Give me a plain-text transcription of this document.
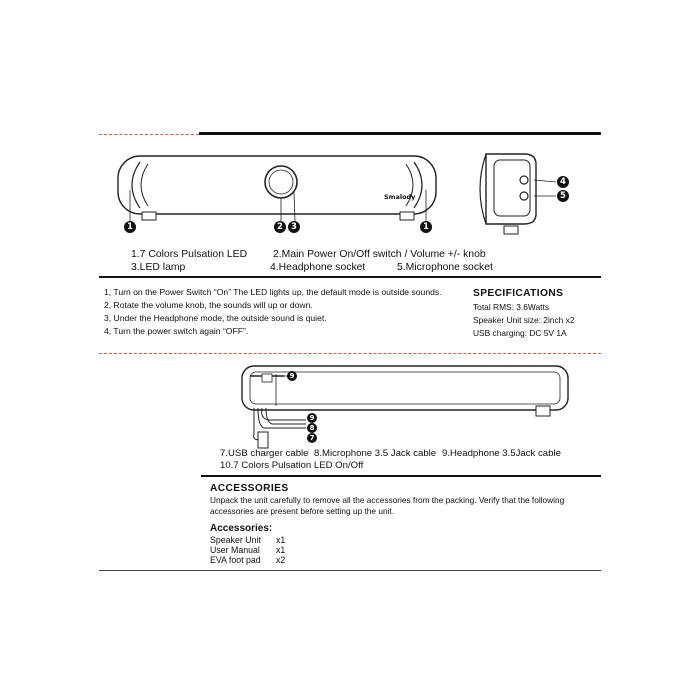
Smalody
1	2 3	1
4
5
1.7 Colors Pulsation LED 2.Main Power On/Off switch / Volume +/- knob
3.LED lamp	4.Headphone socket	5.Microphone socket
1, Turn on the Power Switch “On” The LED lights up, the default mode is outside sounds.
2, Rotate the volume knob, the sounds will up or down.
3, Under the Headphone mode, the outside sound is quiet.
4, Turn the power switch again “OFF”.
SPECIFICATIONS
Total RMS: 3.6Watts
Speaker Unit size: 2inch x2
USB charging: DC 5V 1A
9
9
8
7
7.USB charger cable 8.Microphone 3.5 Jack cable 9.Headphone 3.5Jack cable
10.7 Colors Pulsation LED On/Off
ACCESSORIES
Unpack the unit carefully to remove all the accessories from the packing. Verify that the following
accessories are present before setting up the unit.
Accessories:
Speaker Unit x1
User Manual x1
EVA foot pad x2
